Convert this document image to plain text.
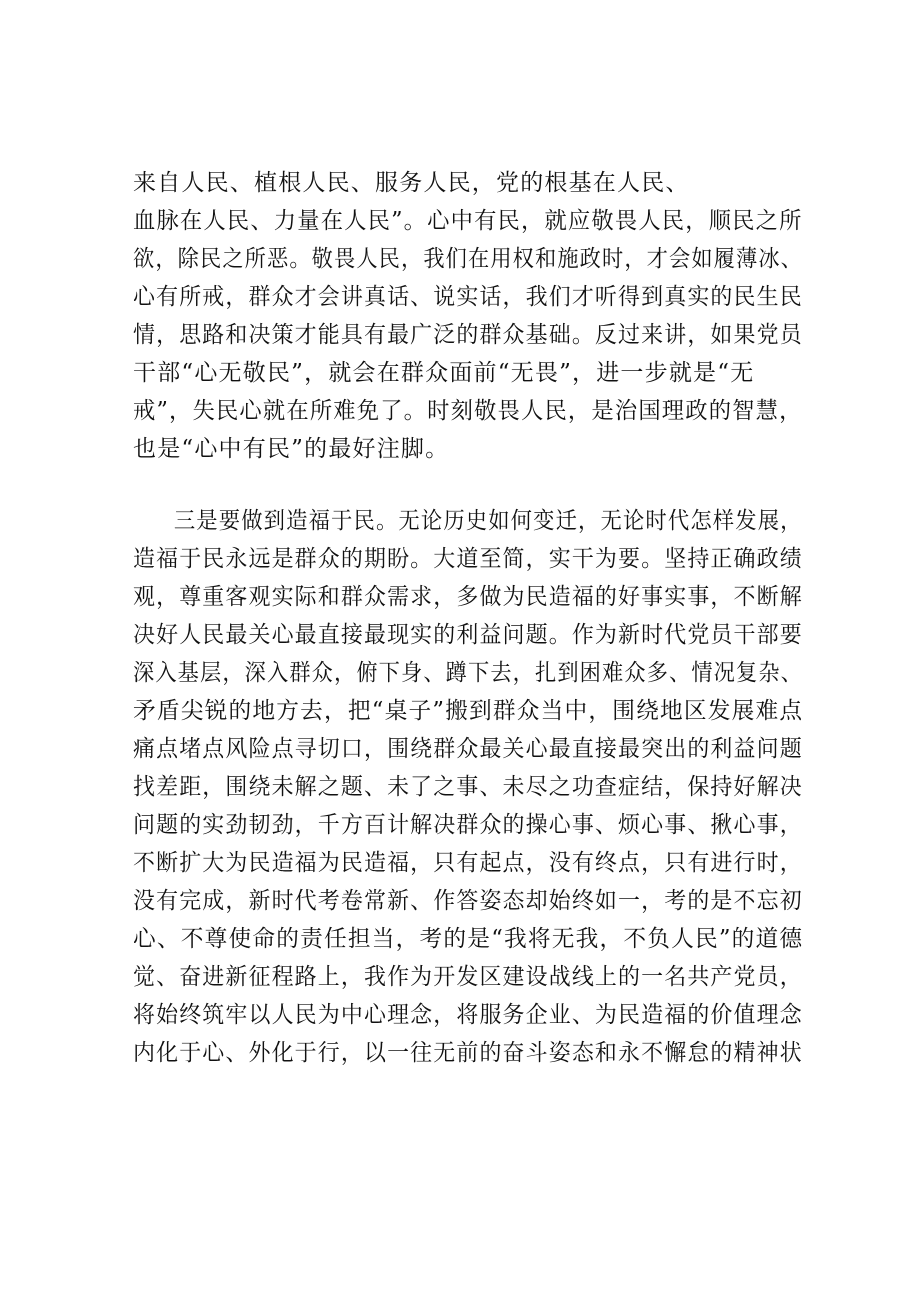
来自人民、植根人民、服务人民，党的根基在人民、
血脉在人民、力量在人民”。心中有民，就应敬畏人民，顺民之所
欲，除民之所恶。敬畏人民，我们在用权和施政时，才会如履薄冰、
心有所戒，群众才会讲真话、说实话，我们才听得到真实的民生民
情，思路和决策才能具有最广泛的群众基础。反过来讲，如果党员
干部“心无敬民”，就会在群众面前“无畏”，进一步就是“无
戒”，失民心就在所难免了。时刻敬畏人民，是治国理政的智慧，
也是“心中有民”的最好注脚。
三是要做到造福于民。无论历史如何变迁，无论时代怎样发展，
造福于民永远是群众的期盼。大道至简，实干为要。坚持正确政绩
观，尊重客观实际和群众需求，多做为民造福的好事实事，不断解
决好人民最关心最直接最现实的利益问题。作为新时代党员干部要
深入基层，深入群众，俯下身、蹲下去，扎到困难众多、情况复杂、
矛盾尖锐的地方去，把“桌子”搬到群众当中，围绕地区发展难点
痛点堵点风险点寻切口，围绕群众最关心最直接最突出的利益问题
找差距，围绕未解之题、未了之事、未尽之功查症结，保持好解决
问题的实劲韧劲，千方百计解决群众的操心事、烦心事、揪心事，
不断扩大为民造福为民造福，只有起点，没有终点，只有进行时，
没有完成，新时代考卷常新、作答姿态却始终如一，考的是不忘初
心、不尊使命的责任担当，考的是“我将无我，不负人民”的道德
觉、奋进新征程路上，我作为开发区建设战线上的一名共产党员，
将始终筑牢以人民为中心理念，将服务企业、为民造福的价值理念
内化于心、外化于行，以一往无前的奋斗姿态和永不懈怠的精神状
